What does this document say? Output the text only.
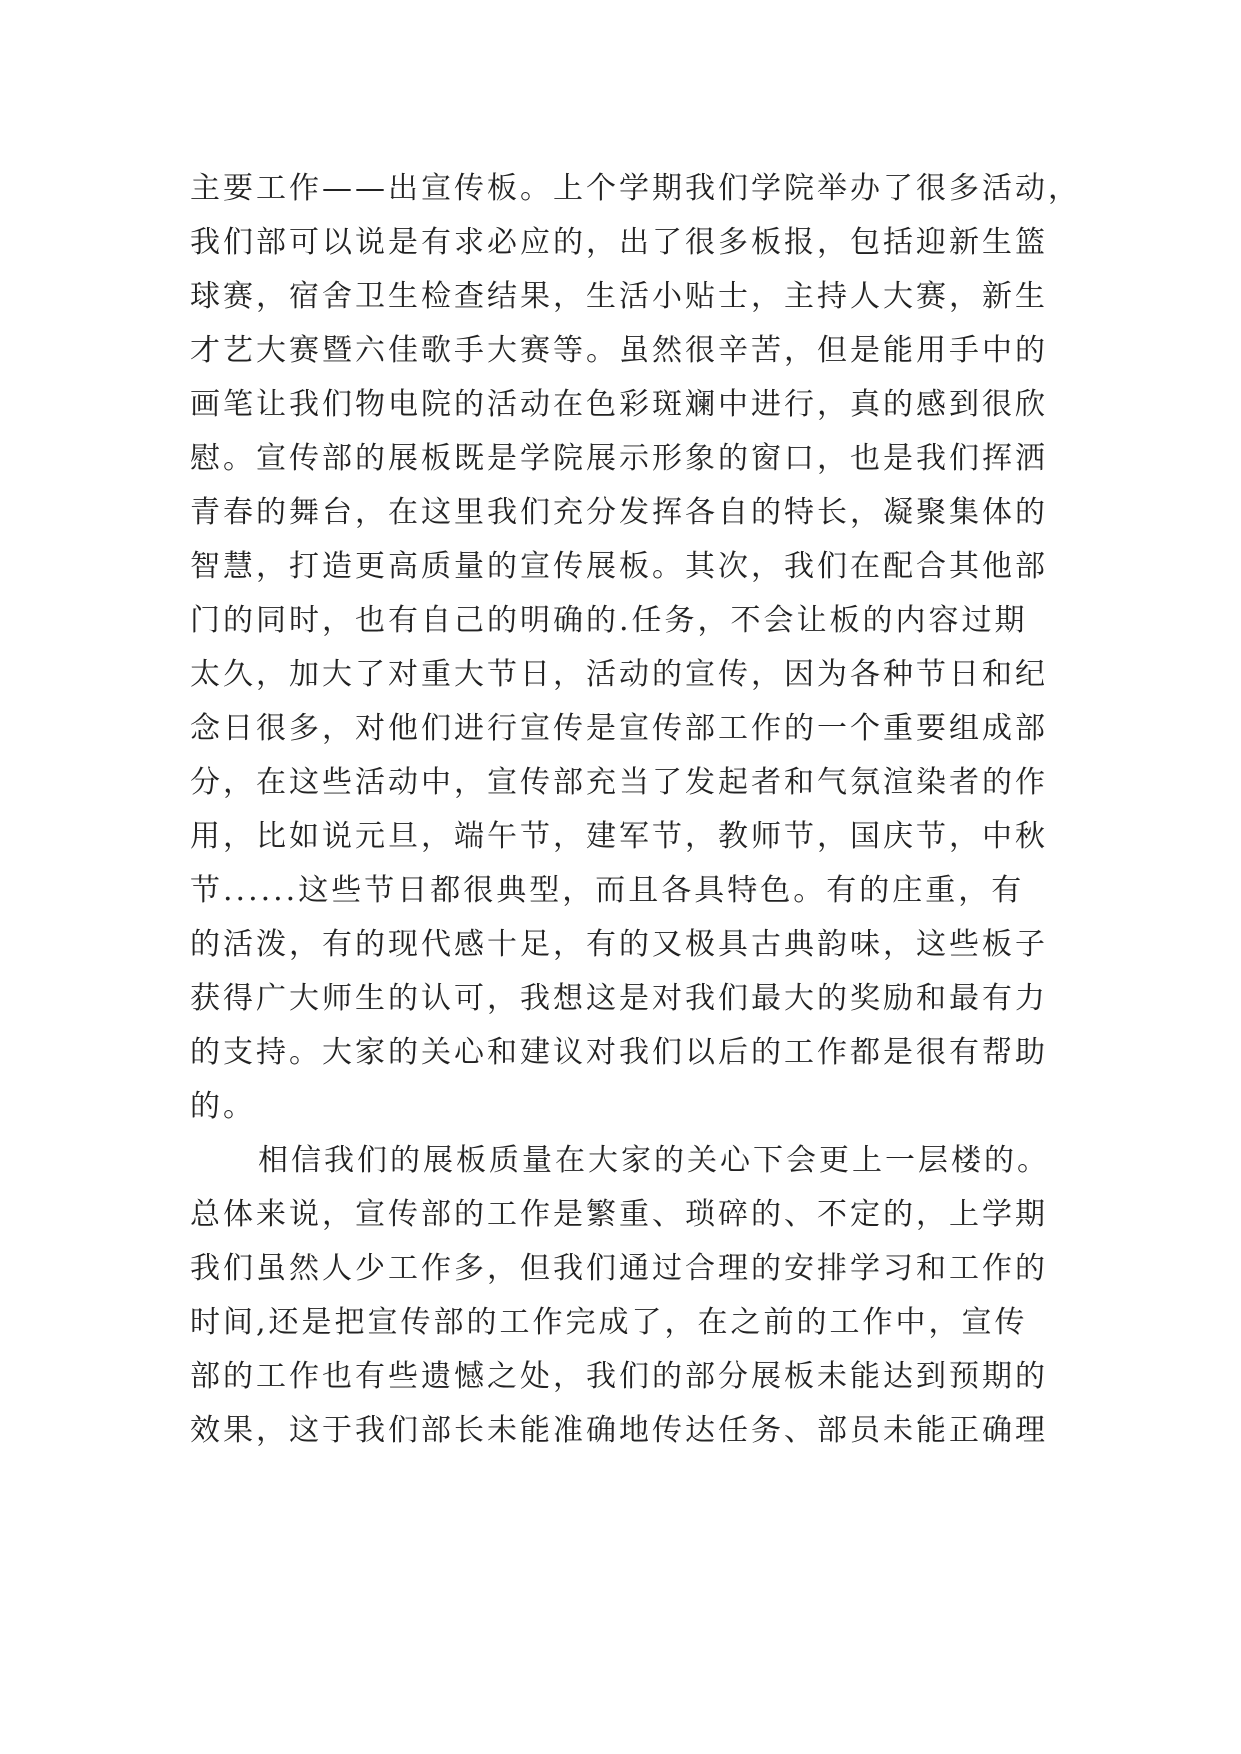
主要工作——出宣传板。上个学期我们学院举办了很多活动，
我们部可以说是有求必应的，出了很多板报，包括迎新生篮
球赛，宿舍卫生检查结果，生活小贴士，主持人大赛，新生
才艺大赛暨六佳歌手大赛等。虽然很辛苦，但是能用手中的
画笔让我们物电院的活动在色彩斑斓中进行，真的感到很欣
慰。宣传部的展板既是学院展示形象的窗口，也是我们挥洒
青春的舞台，在这里我们充分发挥各自的特长，凝聚集体的
智慧，打造更高质量的宣传展板。其次，我们在配合其他部
门的同时，也有自己的明确的.任务，不会让板的内容过期
太久，加大了对重大节日，活动的宣传，因为各种节日和纪
念日很多，对他们进行宣传是宣传部工作的一个重要组成部
分，在这些活动中，宣传部充当了发起者和气氛渲染者的作
用，比如说元旦，端午节，建军节，教师节，国庆节，中秋
节......这些节日都很典型，而且各具特色。有的庄重，有
的活泼，有的现代感十足，有的又极具古典韵味，这些板子
获得广大师生的认可，我想这是对我们最大的奖励和最有力
的支持。大家的关心和建议对我们以后的工作都是很有帮助
的。
相信我们的展板质量在大家的关心下会更上一层楼的。
总体来说，宣传部的工作是繁重、琐碎的、不定的，上学期
我们虽然人少工作多，但我们通过合理的安排学习和工作的
时间,还是把宣传部的工作完成了，在之前的工作中，宣传
部的工作也有些遗憾之处，我们的部分展板未能达到预期的
效果，这于我们部长未能准确地传达任务、部员未能正确理
